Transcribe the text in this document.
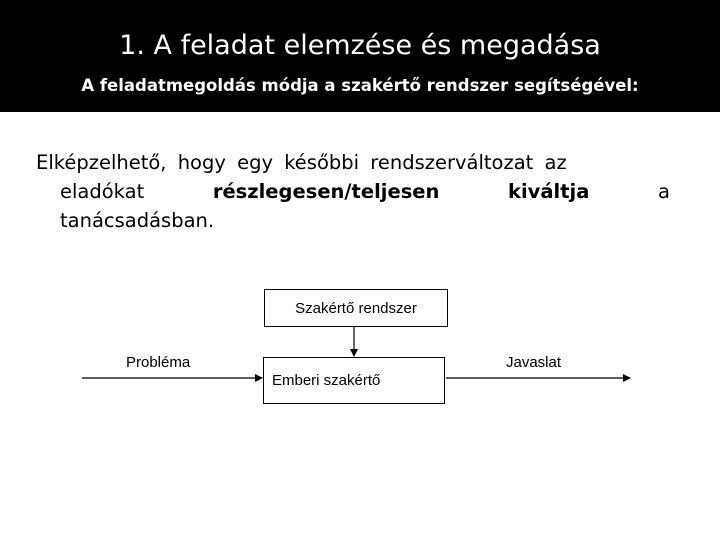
1. A feladat elemzése és megadása
A feladatmegoldás módja a szakértő rendszer segítségével:
Elképzelhető, hogy egy későbbi rendszerváltozat az
eladókat	részlegesen/teljesen	kiváltja	a
tanácsadásban.
Szakértő rendszer
Emberi szakértő
Probléma	Javaslat
